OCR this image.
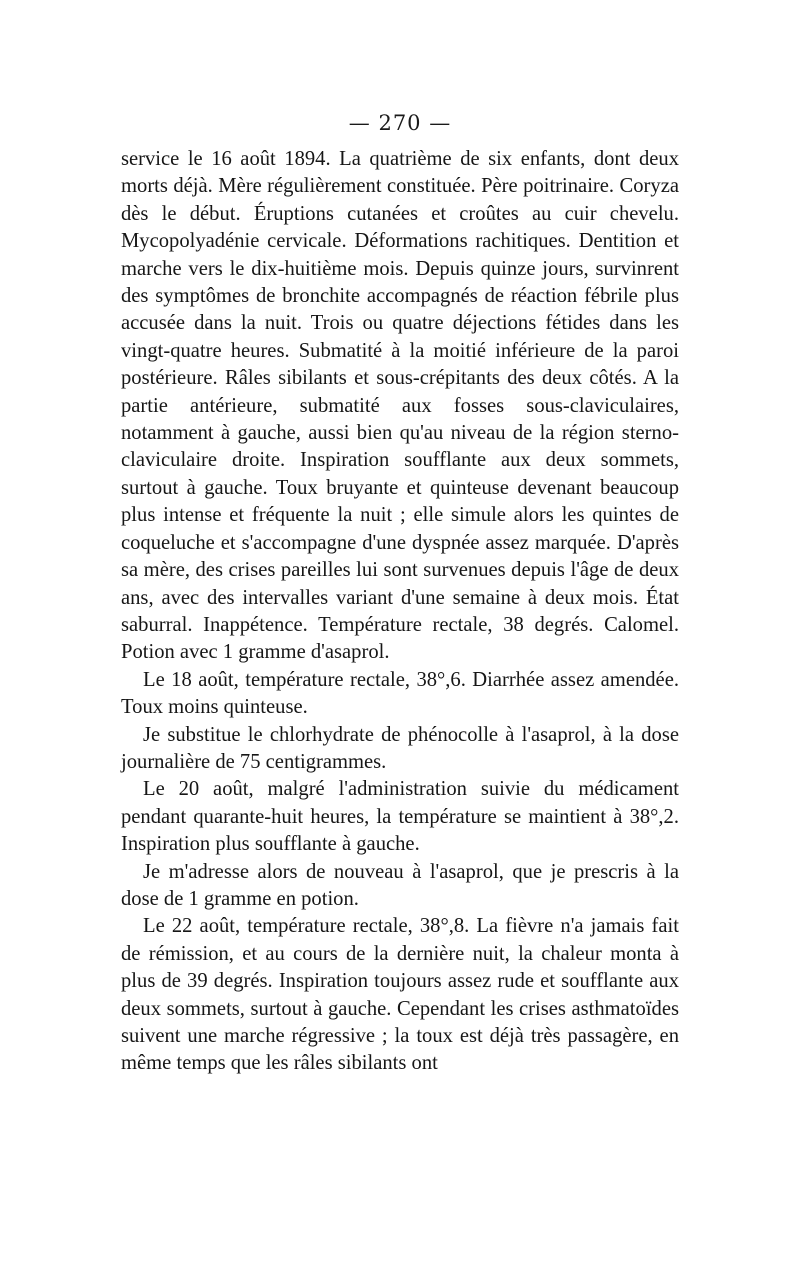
— 270 —

service le 16 août 1894. La quatrième de six enfants, dont deux morts déjà. Mère régulièrement constituée. Père poitrinaire. Coryza dès le début. Éruptions cutanées et croûtes au cuir chevelu. Mycopolyadénie cervicale. Déformations rachitiques. Dentition et marche vers le dix-huitième mois. Depuis quinze jours, survinrent des symptômes de bronchite accompagnés de réaction fébrile plus accusée dans la nuit. Trois ou quatre déjections fétides dans les vingt-quatre heures. Submatité à la moitié inférieure de la paroi postérieure. Râles sibilants et sous-crépitants des deux côtés. A la partie antérieure, submatité aux fosses sous-claviculaires, notamment à gauche, aussi bien qu'au niveau de la région sterno-claviculaire droite. Inspiration soufflante aux deux sommets, surtout à gauche. Toux bruyante et quinteuse devenant beaucoup plus intense et fréquente la nuit ; elle simule alors les quintes de coqueluche et s'accompagne d'une dyspnée assez marquée. D'après sa mère, des crises pareilles lui sont survenues depuis l'âge de deux ans, avec des intervalles variant d'une semaine à deux mois. État saburral. Inappétence. Température rectale, 38 degrés. Calomel. Potion avec 1 gramme d'asaprol.

Le 18 août, température rectale, 38°,6. Diarrhée assez amendée. Toux moins quinteuse.

Je substitue le chlorhydrate de phénocolle à l'asaprol, à la dose journalière de 75 centigrammes.

Le 20 août, malgré l'administration suivie du médicament pendant quarante-huit heures, la température se maintient à 38°,2. Inspiration plus soufflante à gauche.

Je m'adresse alors de nouveau à l'asaprol, que je prescris à la dose de 1 gramme en potion.

Le 22 août, température rectale, 38°,8. La fièvre n'a jamais fait de rémission, et au cours de la dernière nuit, la chaleur monta à plus de 39 degrés. Inspiration toujours assez rude et soufflante aux deux sommets, surtout à gauche. Cependant les crises asthmatoïdes suivent une marche régressive ; la toux est déjà très passagère, en même temps que les râles sibilants ont
